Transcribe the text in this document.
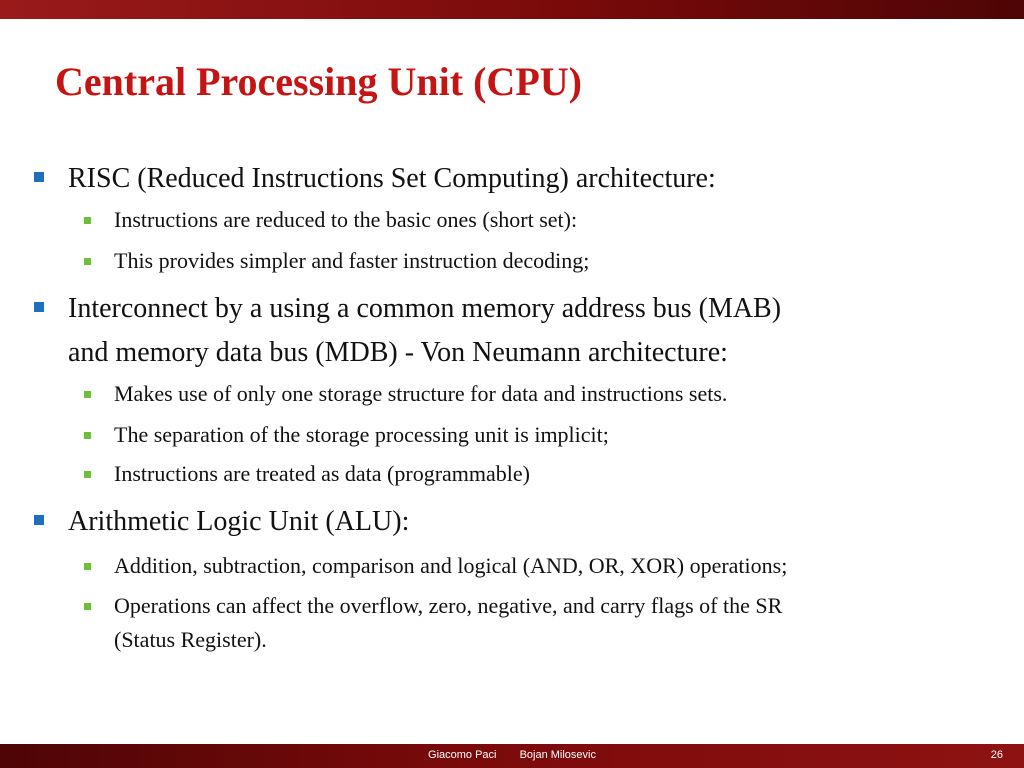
Central Processing Unit (CPU)
RISC (Reduced Instructions Set Computing) architecture:
Instructions are reduced to the basic ones (short set):
This provides simpler and faster instruction decoding;
Interconnect by a using a common memory address bus (MAB)
and memory data bus (MDB) - Von Neumann architecture:
Makes use of only one storage structure for data and instructions sets.
The separation of the storage processing unit is implicit;
Instructions are treated as data (programmable)
Arithmetic Logic Unit (ALU):
Addition, subtraction, comparison and logical (AND, OR, XOR) operations;
Operations can affect the overflow, zero, negative, and carry flags of the SR
(Status Register).
Giacomo Paci Bojan Milosevic	26
